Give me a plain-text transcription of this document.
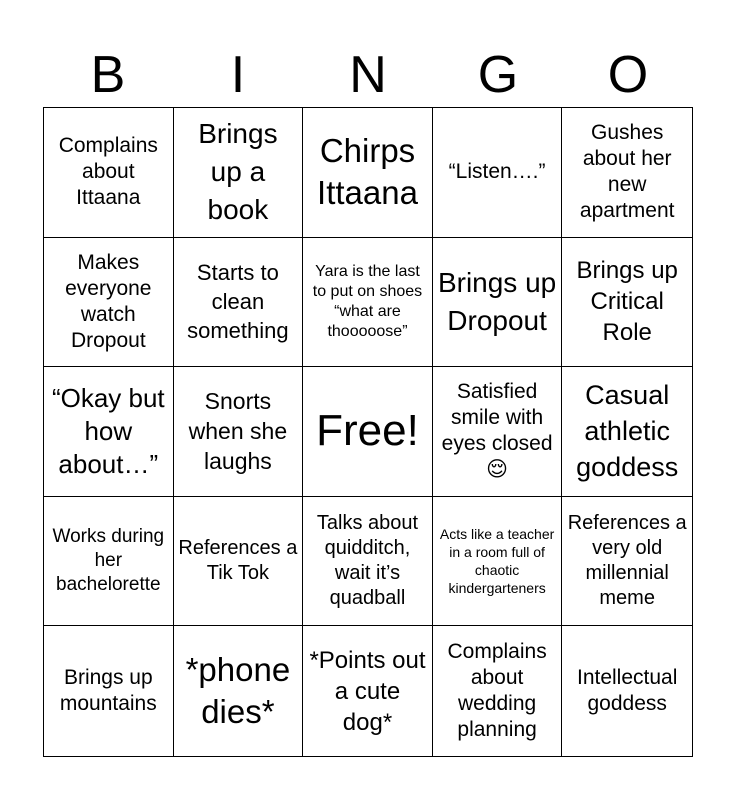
B	I	N	G	O
Complains about Ittaana
Brings up a book
Chirps Ittaana
“Listen….”
Gushes about her new apartment
Makes everyone watch Dropout
Starts to clean something
Yara is the last to put on shoes “what are thooooose”
Brings up Dropout
Brings up Critical Role
“Okay but how about…”
Snorts when she laughs
Free!
Satisfied smile with eyes closed 😌
Casual athletic goddess
Works during her bachelorette
References a Tik Tok
Talks about quidditch, wait it’s quadball
Acts like a teacher in a room full of chaotic kindergarteners
References a very old millennial meme
Brings up mountains
*phone dies*
*Points out a cute dog*
Complains about wedding planning
Intellectual goddess
